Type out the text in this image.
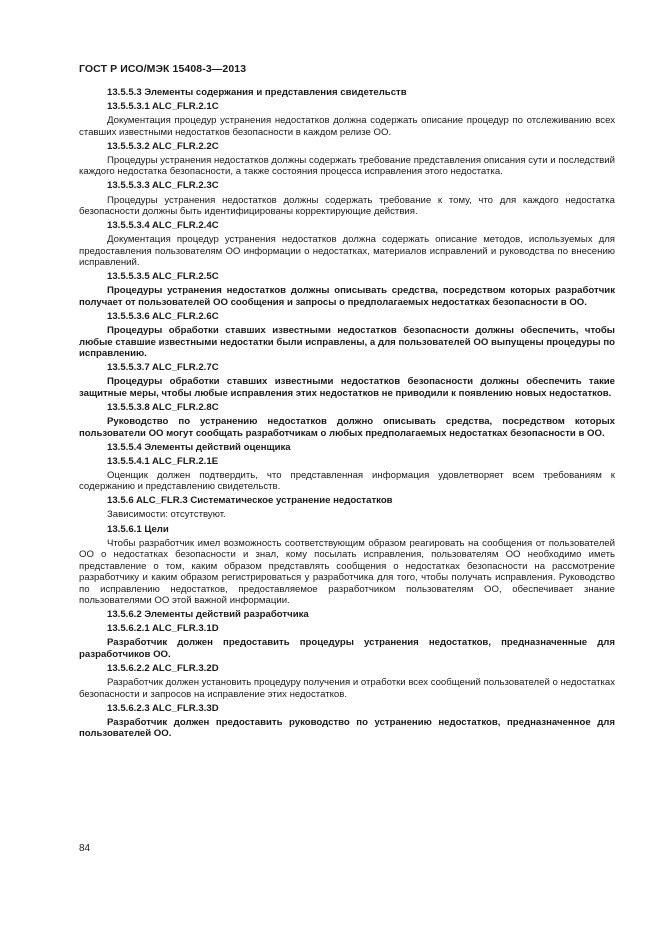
ГОСТ Р ИСО/МЭК 15408-3—2013

13.5.5.3 Элементы содержания и представления свидетельств

13.5.5.3.1 ALC_FLR.2.1C

Документация процедур устранения недостатков должна содержать описание процедур по отслеживанию всех ставших известными недостатков безопасности в каждом релизе ОО.

13.5.5.3.2 ALC_FLR.2.2C

Процедуры устранения недостатков должны содержать требование представления описания сути и последствий каждого недостатка безопасности, а также состояния процесса исправления этого недостатка.

13.5.5.3.3 ALC_FLR.2.3C

Процедуры устранения недостатков должны содержать требование к тому, что для каждого недостатка безопасности должны быть идентифицированы корректирующие действия.

13.5.5.3.4 ALC_FLR.2.4C

Документация процедур устранения недостатков должна содержать описание методов, используемых для предоставления пользователям ОО информации о недостатках, материалов исправлений и руководства по внесению исправлений.

13.5.5.3.5 ALC_FLR.2.5C

Процедуры устранения недостатков должны описывать средства, посредством которых разработчик получает от пользователей ОО сообщения и запросы о предполагаемых недостатках безопасности в ОО.

13.5.5.3.6 ALC_FLR.2.6C

Процедуры обработки ставших известными недостатков безопасности должны обеспечить, чтобы любые ставшие известными недостатки были исправлены, а для пользователей ОО выпущены процедуры по исправлению.

13.5.5.3.7 ALC_FLR.2.7C

Процедуры обработки ставших известными недостатков безопасности должны обеспечить такие защитные меры, чтобы любые исправления этих недостатков не приводили к появлению новых недостатков.

13.5.5.3.8 ALC_FLR.2.8C

Руководство по устранению недостатков должно описывать средства, посредством которых пользователи ОО могут сообщать разработчикам о любых предполагаемых недостатках безопасности в ОО.

13.5.5.4 Элементы действий оценщика

13.5.5.4.1 ALC_FLR.2.1E

Оценщик должен подтвердить, что представленная информация удовлетворяет всем требованиям к содержанию и представлению свидетельств.

13.5.6 ALC_FLR.3 Систематическое устранение недостатков

Зависимости: отсутствуют.

13.5.6.1 Цели

Чтобы разработчик имел возможность соответствующим образом реагировать на сообщения от пользователей ОО о недостатках безопасности и знал, кому посылать исправления, пользователям ОО необходимо иметь представление о том, каким образом представлять сообщения о недостатках безопасности на рассмотрение разработчику и каким образом регистрироваться у разработчика для того, чтобы получать исправления. Руководство по исправлению недостатков, предоставляемое разработчиком пользователям ОО, обеспечивает знание пользователями ОО этой важной информации.

13.5.6.2 Элементы действий разработчика

13.5.6.2.1 ALC_FLR.3.1D

Разработчик должен предоставить процедуры устранения недостатков, предназначенные для разработчиков ОО.

13.5.6.2.2 ALC_FLR.3.2D

Разработчик должен установить процедуру получения и отработки всех сообщений пользователей о недостатках безопасности и запросов на исправление этих недостатков.

13.5.6.2.3 ALC_FLR.3.3D

Разработчик должен предоставить руководство по устранению недостатков, предназначенное для пользователей ОО.

84
